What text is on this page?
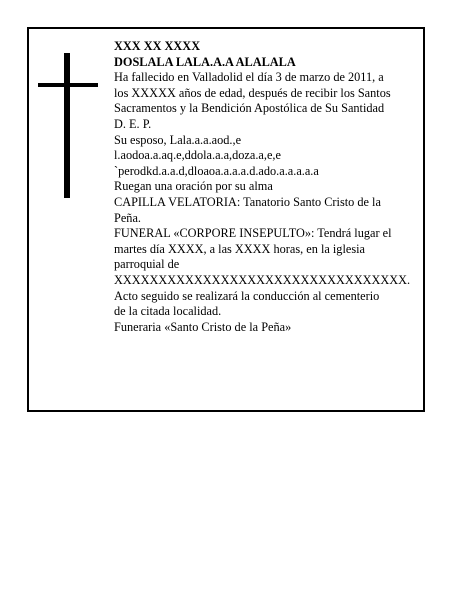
XXX XX XXXX
DOSLALA LALA.A.A ALALALA
Ha fallecido en Valladolid el día 3 de marzo de 2011, a
los XXXXX años de edad, después de recibir los Santos
Sacramentos y la Bendición Apostólica de Su Santidad
D. E. P.
Su esposo, Lala.a.a.aod.,e
l.aodoa.a.aq.e,ddola.a.a,doza.a,e,e
`perodkd.a.a.d,dloaoa.a.a.a.d.ado.a.a.a.a.a
Ruegan una oración por su alma
CAPILLA VELATORIA: Tanatorio Santo Cristo de la
Peña.
FUNERAL «CORPORE INSEPULTO»: Tendrá lugar el
martes día XXXX, a las XXXX horas, en la iglesia
parroquial de
XXXXXXXXXXXXXXXXXXXXXXXXXXXXXXXXX.
Acto seguido se realizará la conducción al cementerio
de la citada localidad.
Funeraria «Santo Cristo de la Peña»
